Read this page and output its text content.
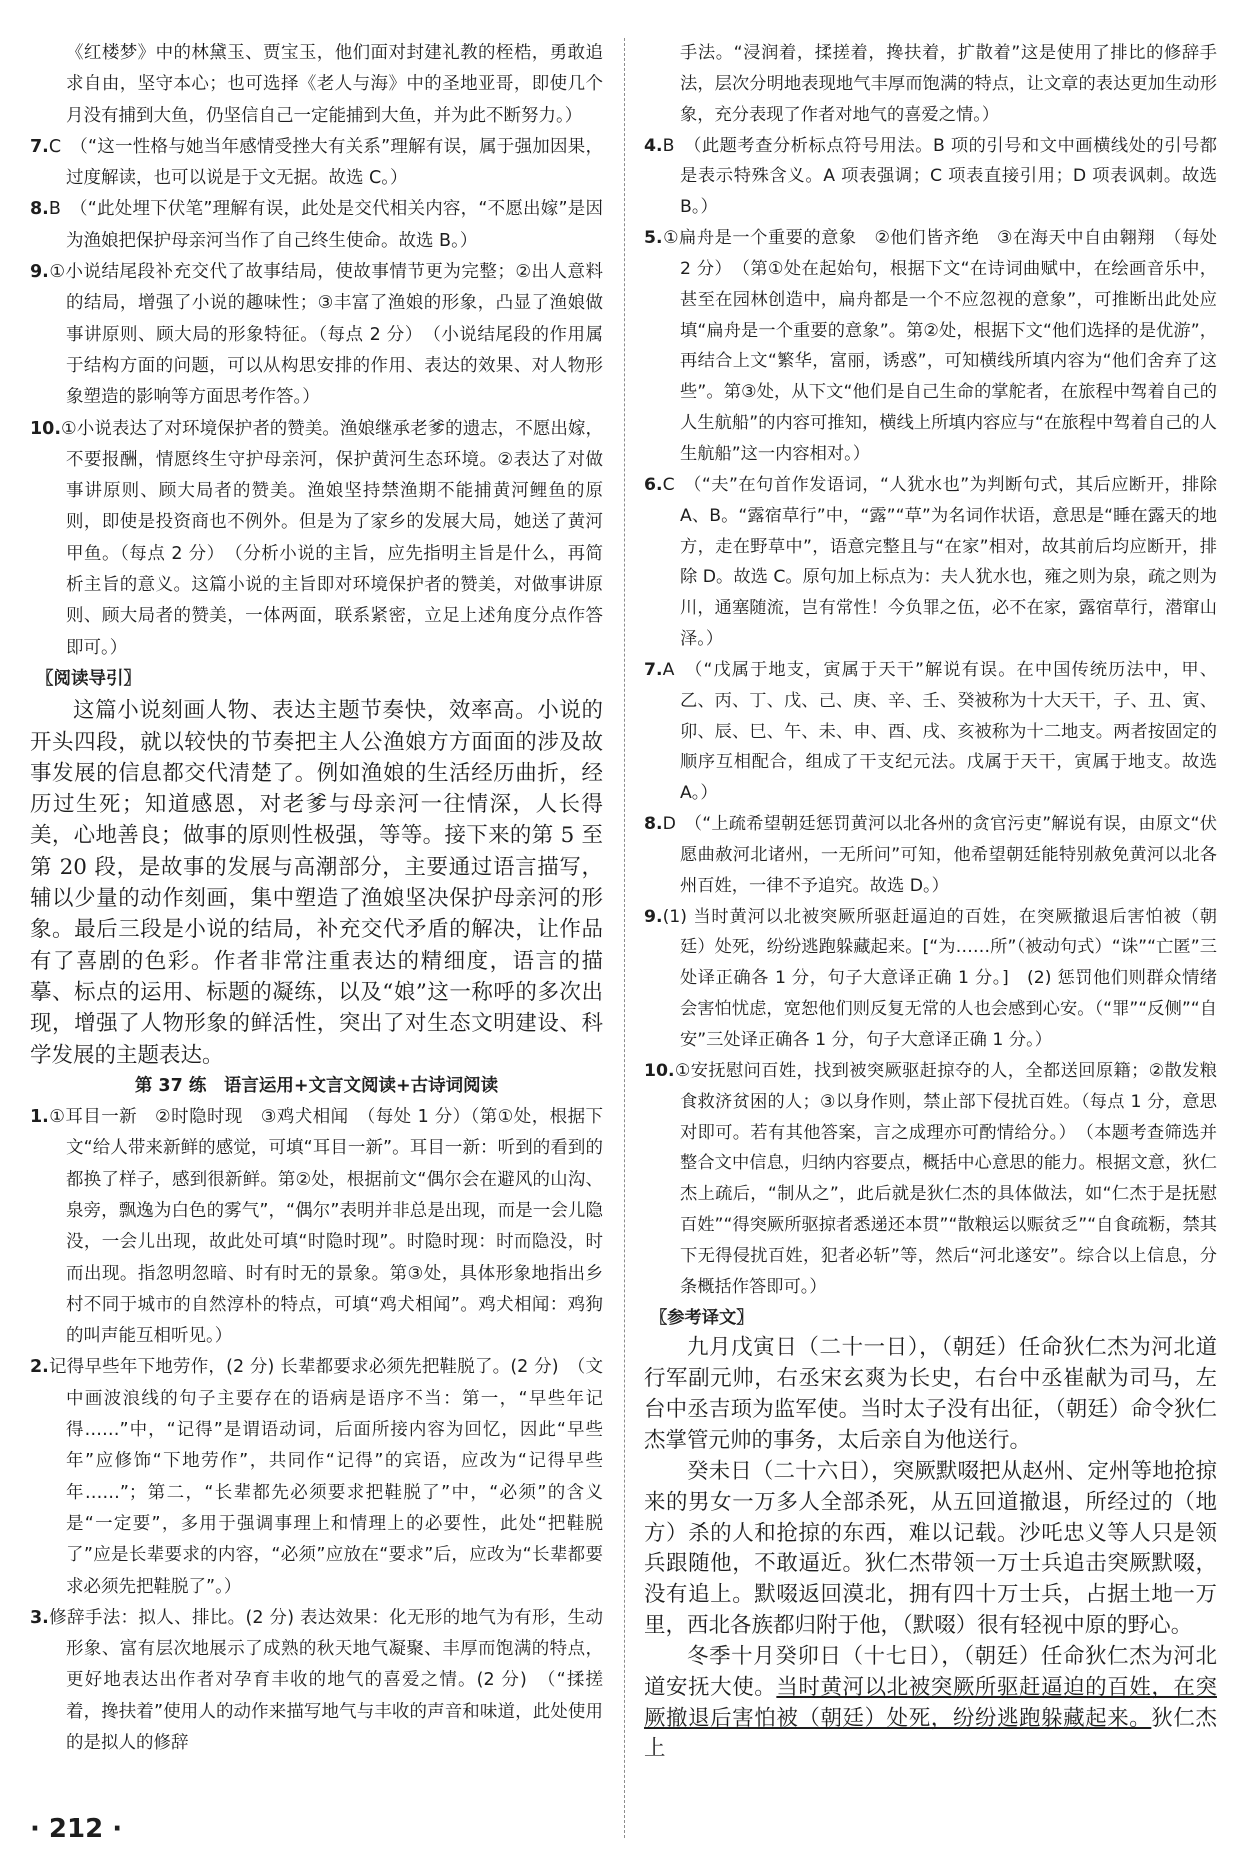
《红楼梦》中的林黛玉、贾宝玉，他们面对封建礼教的桎梏，勇敢追求自由，坚守本心；也可选择《老人与海》中的圣地亚哥，即使几个月没有捕到大鱼，仍坚信自己一定能捕到大鱼，并为此不断努力。）

7.C　（“这一性格与她当年感情受挫大有关系”理解有误，属于强加因果，过度解读，也可以说是于文无据。故选 C。）

8.B　（“此处埋下伏笔”理解有误，此处是交代相关内容，“不愿出嫁”是因为渔娘把保护母亲河当作了自己终生使命。故选 B。）

9.①小说结尾段补充交代了故事结局，使故事情节更为完整；②出人意料的结局，增强了小说的趣味性；③丰富了渔娘的形象，凸显了渔娘做事讲原则、顾大局的形象特征。（每点 2 分）　（小说结尾段的作用属于结构方面的问题，可以从构思安排的作用、表达的效果、对人物形象塑造的影响等方面思考作答。）

10.①小说表达了对环境保护者的赞美。渔娘继承老爹的遗志，不愿出嫁，不要报酬，情愿终生守护母亲河，保护黄河生态环境。②表达了对做事讲原则、顾大局者的赞美。渔娘坚持禁渔期不能捕黄河鲤鱼的原则，即使是投资商也不例外。但是为了家乡的发展大局，她送了黄河甲鱼。（每点 2 分）　（分析小说的主旨，应先指明主旨是什么，再简析主旨的意义。这篇小说的主旨即对环境保护者的赞美，对做事讲原则、顾大局者的赞美，一体两面，联系紧密，立足上述角度分点作答即可。）

〖阅读导引〗

这篇小说刻画人物、表达主题节奏快，效率高。小说的开头四段，就以较快的节奏把主人公渔娘方方面面的涉及故事发展的信息都交代清楚了。例如渔娘的生活经历曲折，经历过生死；知道感恩，对老爹与母亲河一往情深，人长得美，心地善良；做事的原则性极强，等等。接下来的第 5 至第 20 段，是故事的发展与高潮部分，主要通过语言描写，辅以少量的动作刻画，集中塑造了渔娘坚决保护母亲河的形象。最后三段是小说的结局，补充交代矛盾的解决，让作品有了喜剧的色彩。作者非常注重表达的精细度，语言的描摹、标点的运用、标题的凝练，以及“娘”这一称呼的多次出现，增强了人物形象的鲜活性，突出了对生态文明建设、科学发展的主题表达。

第 37 练　语言运用+文言文阅读+古诗词阅读

1.①耳目一新　②时隐时现　③鸡犬相闻　（每处 1 分）（第①处，根据下文“给人带来新鲜的感觉，可填“耳目一新”。耳目一新：听到的看到的都换了样子，感到很新鲜。第②处，根据前文“偶尔会在避风的山沟、泉旁，飘逸为白色的雾气”，“偶尔”表明并非总是出现，而是一会儿隐没，一会儿出现，故此处可填“时隐时现”。时隐时现：时而隐没，时而出现。指忽明忽暗、时有时无的景象。第③处，具体形象地指出乡村不同于城市的自然淳朴的特点，可填“鸡犬相闻”。鸡犬相闻：鸡狗的叫声能互相听见。）

2.记得早些年下地劳作，(2 分) 长辈都要求必须先把鞋脱了。(2 分)　（文中画波浪线的句子主要存在的语病是语序不当：第一，“早些年记得……”中，“记得”是谓语动词，后面所接内容为回忆，因此“早些年”应修饰“下地劳作”，共同作“记得”的宾语，应改为“记得早些年……”；第二，“长辈都先必须要求把鞋脱了”中，“必须”的含义是“一定要”，多用于强调事理上和情理上的必要性，此处“把鞋脱了”应是长辈要求的内容，“必须”应放在“要求”后，应改为“长辈都要求必须先把鞋脱了”。）

3.修辞手法：拟人、排比。(2 分) 表达效果：化无形的地气为有形，生动形象、富有层次地展示了成熟的秋天地气凝聚、丰厚而饱满的特点，更好地表达出作者对孕育丰收的地气的喜爱之情。(2 分)　（“揉搓着，搀扶着”使用人的动作来描写地气与丰收的声音和味道，此处使用的是拟人的修辞

手法。“浸润着，揉搓着，搀扶着，扩散着”这是使用了排比的修辞手法，层次分明地表现地气丰厚而饱满的特点，让文章的表达更加生动形象，充分表现了作者对地气的喜爱之情。）

4.B　（此题考查分析标点符号用法。B 项的引号和文中画横线处的引号都是表示特殊含义。A 项表强调；C 项表直接引用；D 项表讽刺。故选 B。）

5.①扁舟是一个重要的意象　②他们皆齐绝　③在海天中自由翱翔　（每处 2 分）　（第①处在起始句，根据下文“在诗词曲赋中，在绘画音乐中，甚至在园林创造中，扁舟都是一个不应忽视的意象”，可推断出此处应填“扁舟是一个重要的意象”。第②处，根据下文“他们选择的是优游”，再结合上文“繁华，富丽，诱惑”，可知横线所填内容为“他们舍弃了这些”。第③处，从下文“他们是自己生命的掌舵者，在旅程中驾着自己的人生航船”的内容可推知，横线上所填内容应与“在旅程中驾着自己的人生航船”这一内容相对。）

6.C　（“夫”在句首作发语词，“人犹水也”为判断句式，其后应断开，排除 A、B。“露宿草行”中，“露”“草”为名词作状语，意思是“睡在露天的地方，走在野草中”，语意完整且与“在家”相对，故其前后均应断开，排除 D。故选 C。原句加上标点为：夫人犹水也，雍之则为泉，疏之则为川，通塞随流，岂有常性！今负罪之伍，必不在家，露宿草行，潜窜山泽。）

7.A　（“戊属于地支，寅属于天干”解说有误。在中国传统历法中，甲、乙、丙、丁、戊、己、庚、辛、壬、癸被称为十大天干，子、丑、寅、卯、辰、巳、午、未、申、酉、戌、亥被称为十二地支。两者按固定的顺序互相配合，组成了干支纪元法。戊属于天干，寅属于地支。故选 A。）

8.D　（“上疏希望朝廷惩罚黄河以北各州的贪官污吏”解说有误，由原文“伏愿曲赦河北诸州，一无所问”可知，他希望朝廷能特别赦免黄河以北各州百姓，一律不予追究。故选 D。）

9.(1) 当时黄河以北被突厥所驱赶逼迫的百姓，在突厥撤退后害怕被（朝廷）处死，纷纷逃跑躲藏起来。[“为……所”（被动句式）“诛”“亡匿”三处译正确各 1 分，句子大意译正确 1 分。]　(2) 惩罚他们则群众情绪会害怕忧虑，宽恕他们则反复无常的人也会感到心安。（“罪”“反侧”“自安”三处译正确各 1 分，句子大意译正确 1 分。）

10.①安抚慰问百姓，找到被突厥驱赶掠夺的人，全都送回原籍；②散发粮食救济贫困的人；③以身作则，禁止部下侵扰百姓。（每点 1 分，意思对即可。若有其他答案，言之成理亦可酌情给分。）　（本题考查筛选并整合文中信息，归纳内容要点，概括中心意思的能力。根据文意，狄仁杰上疏后，“制从之”，此后就是狄仁杰的具体做法，如“仁杰于是抚慰百姓”“得突厥所驱掠者悉递还本贯”“散粮运以赈贫乏”“自食疏粝，禁其下无得侵扰百姓，犯者必斩”等，然后“河北遂安”。综合以上信息，分条概括作答即可。）

〖参考译文〗

九月戊寅日（二十一日），（朝廷）任命狄仁杰为河北道行军副元帅，右丞宋玄爽为长史，右台中丞崔献为司马，左台中丞吉顼为监军使。当时太子没有出征，（朝廷）命令狄仁杰掌管元帅的事务，太后亲自为他送行。

癸未日（二十六日），突厥默啜把从赵州、定州等地抢掠来的男女一万多人全部杀死，从五回道撤退，所经过的（地方）杀的人和抢掠的东西，难以记载。沙吒忠义等人只是领兵跟随他，不敢逼近。狄仁杰带领一万士兵追击突厥默啜，没有追上。默啜返回漠北，拥有四十万士兵，占据土地一万里，西北各族都归附于他，（默啜）很有轻视中原的野心。

冬季十月癸卯日（十七日），（朝廷）任命狄仁杰为河北道安抚大使。当时黄河以北被突厥所驱赶逼迫的百姓，在突厥撤退后害怕被（朝廷）处死，纷纷逃跑躲藏起来。狄仁杰上

· 212 ·
